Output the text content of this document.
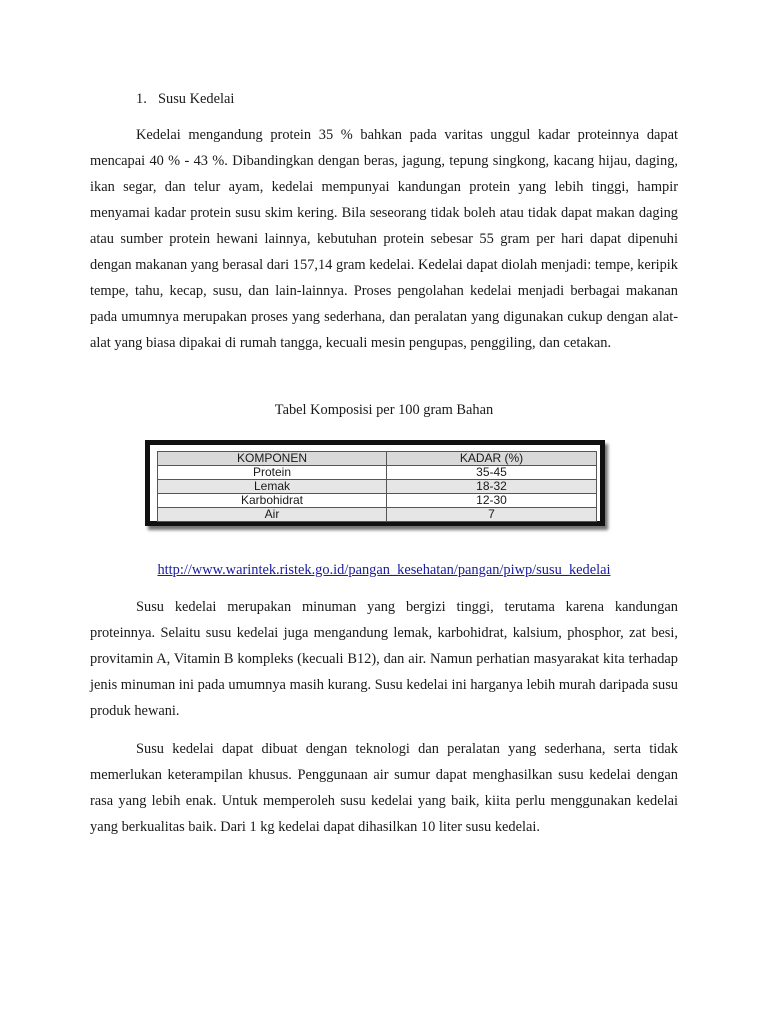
1. Susu Kedelai

Kedelai mengandung protein 35 % bahkan pada varitas unggul kadar proteinnya dapat mencapai 40 % - 43 %. Dibandingkan dengan beras, jagung, tepung singkong, kacang hijau, daging, ikan segar, dan telur ayam, kedelai mempunyai kandungan protein yang lebih tinggi, hampir menyamai kadar protein susu skim kering. Bila seseorang tidak boleh atau tidak dapat makan daging atau sumber protein hewani lainnya, kebutuhan protein sebesar 55 gram per hari dapat dipenuhi dengan makanan yang berasal dari 157,14 gram kedelai. Kedelai dapat diolah menjadi: tempe, keripik tempe, tahu, kecap, susu, dan lain-lainnya. Proses pengolahan kedelai menjadi berbagai makanan pada umumnya merupakan proses yang sederhana, dan peralatan yang digunakan cukup dengan alat-alat yang biasa dipakai di rumah tangga, kecuali mesin pengupas, penggiling, dan cetakan.

Tabel Komposisi per 100 gram Bahan
KOMPONEN	KADAR (%)
Protein	35-45
Lemak	18-32
Karbohidrat	12-30
Air	7
http://www.warintek.ristek.go.id/pangan_kesehatan/pangan/piwp/susu_kedelai

Susu kedelai merupakan minuman yang bergizi tinggi, terutama karena kandungan proteinnya. Selaitu susu kedelai juga mengandung lemak, karbohidrat, kalsium, phosphor, zat besi, provitamin A, Vitamin B kompleks (kecuali B12), dan air. Namun perhatian masyarakat kita terhadap jenis minuman ini pada umumnya masih kurang. Susu kedelai ini harganya lebih murah daripada susu produk hewani.

Susu kedelai dapat dibuat dengan teknologi dan peralatan yang sederhana, serta tidak memerlukan keterampilan khusus. Penggunaan air sumur dapat menghasilkan susu kedelai dengan rasa yang lebih enak. Untuk memperoleh susu kedelai yang baik, kiita perlu menggunakan kedelai yang berkualitas baik. Dari 1 kg kedelai dapat dihasilkan 10 liter susu kedelai.
